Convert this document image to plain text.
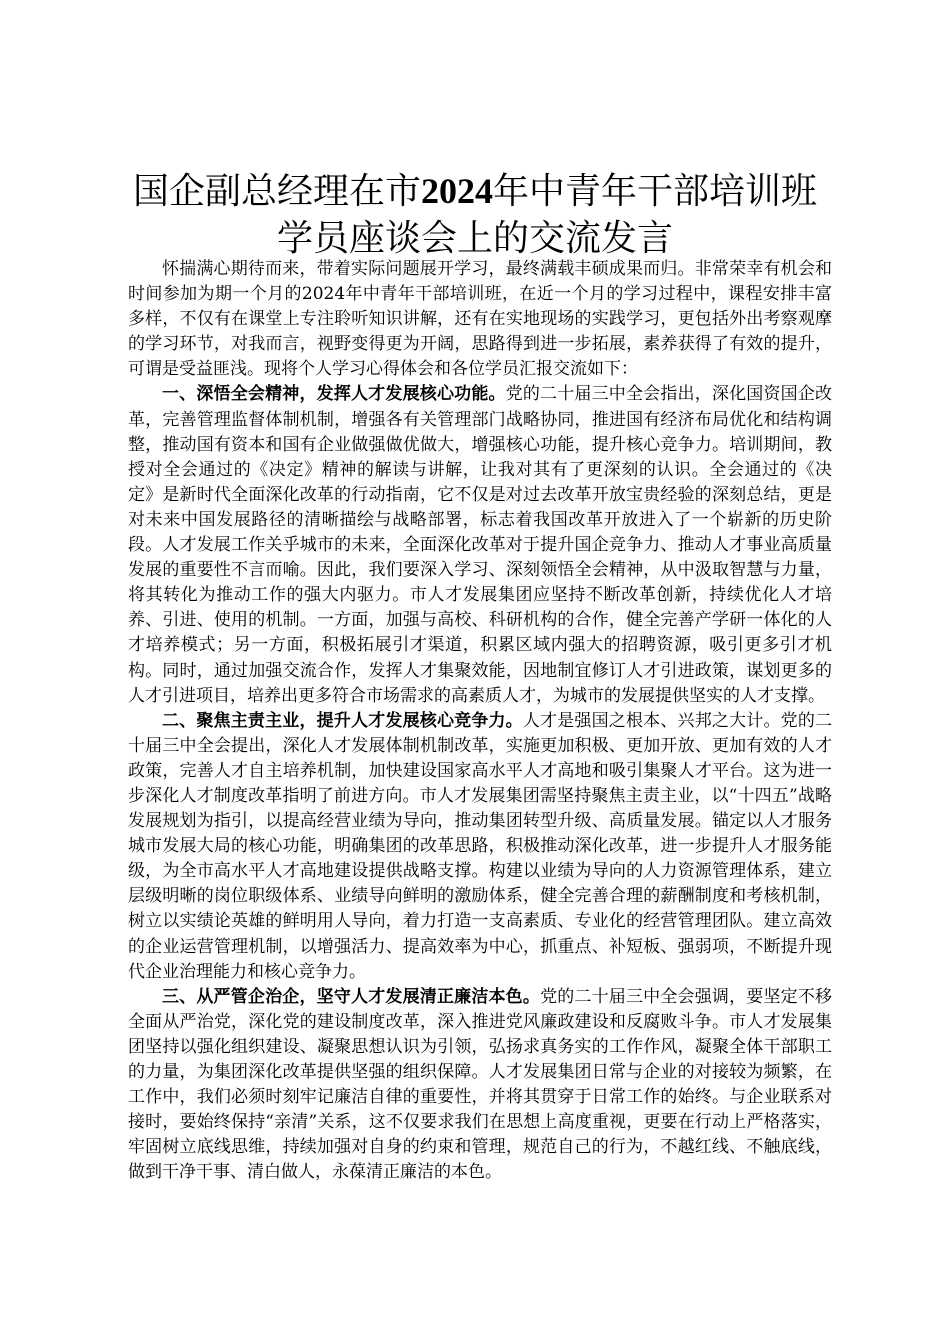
国企副总经理在市2024年中青年干部培训班
学员座谈会上的交流发言

怀揣满心期待而来，带着实际问题展开学习，最终满载丰硕成果而归。非常荣幸有机会和时间参加为期一个月的2024年中青年干部培训班，在近一个月的学习过程中，课程安排丰富多样，不仅有在课堂上专注聆听知识讲解，还有在实地现场的实践学习，更包括外出考察观摩的学习环节，对我而言，视野变得更为开阔，思路得到进一步拓展，素养获得了有效的提升，可谓是受益匪浅。现将个人学习心得体会和各位学员汇报交流如下：

一、深悟全会精神，发挥人才发展核心功能。党的二十届三中全会指出，深化国资国企改革，完善管理监督体制机制，增强各有关管理部门战略协同，推进国有经济布局优化和结构调整，推动国有资本和国有企业做强做优做大，增强核心功能，提升核心竞争力。培训期间，教授对全会通过的《决定》精神的解读与讲解，让我对其有了更深刻的认识。全会通过的《决定》是新时代全面深化改革的行动指南，它不仅是对过去改革开放宝贵经验的深刻总结，更是对未来中国发展路径的清晰描绘与战略部署，标志着我国改革开放进入了一个崭新的历史阶段。人才发展工作关乎城市的未来，全面深化改革对于提升国企竞争力、推动人才事业高质量发展的重要性不言而喻。因此，我们要深入学习、深刻领悟全会精神，从中汲取智慧与力量，将其转化为推动工作的强大内驱力。市人才发展集团应坚持不断改革创新，持续优化人才培养、引进、使用的机制。一方面，加强与高校、科研机构的合作，健全完善产学研一体化的人才培养模式；另一方面，积极拓展引才渠道，积累区域内强大的招聘资源，吸引更多引才机构。同时，通过加强交流合作，发挥人才集聚效能，因地制宜修订人才引进政策，谋划更多的人才引进项目，培养出更多符合市场需求的高素质人才，为城市的发展提供坚实的人才支撑。

二、聚焦主责主业，提升人才发展核心竞争力。人才是强国之根本、兴邦之大计。党的二十届三中全会提出，深化人才发展体制机制改革，实施更加积极、更加开放、更加有效的人才政策，完善人才自主培养机制，加快建设国家高水平人才高地和吸引集聚人才平台。这为进一步深化人才制度改革指明了前进方向。市人才发展集团需坚持聚焦主责主业，以“十四五”战略发展规划为指引，以提高经营业绩为导向，推动集团转型升级、高质量发展。锚定以人才服务城市发展大局的核心功能，明确集团的改革思路，积极推动深化改革，进一步提升人才服务能级，为全市高水平人才高地建设提供战略支撑。构建以业绩为导向的人力资源管理体系，建立层级明晰的岗位职级体系、业绩导向鲜明的激励体系，健全完善合理的薪酬制度和考核机制，树立以实绩论英雄的鲜明用人导向，着力打造一支高素质、专业化的经营管理团队。建立高效的企业运营管理机制，以增强活力、提高效率为中心，抓重点、补短板、强弱项，不断提升现代企业治理能力和核心竞争力。

三、从严管企治企，坚守人才发展清正廉洁本色。党的二十届三中全会强调，要坚定不移全面从严治党，深化党的建设制度改革，深入推进党风廉政建设和反腐败斗争。市人才发展集团坚持以强化组织建设、凝聚思想认识为引领，弘扬求真务实的工作作风，凝聚全体干部职工的力量，为集团深化改革提供坚强的组织保障。人才发展集团日常与企业的对接较为频繁，在工作中，我们必须时刻牢记廉洁自律的重要性，并将其贯穿于日常工作的始终。与企业联系对接时，要始终保持“亲清”关系，这不仅要求我们在思想上高度重视，更要在行动上严格落实，牢固树立底线思维，持续加强对自身的约束和管理，规范自己的行为，不越红线、不触底线，做到干净干事、清白做人，永葆清正廉洁的本色。
